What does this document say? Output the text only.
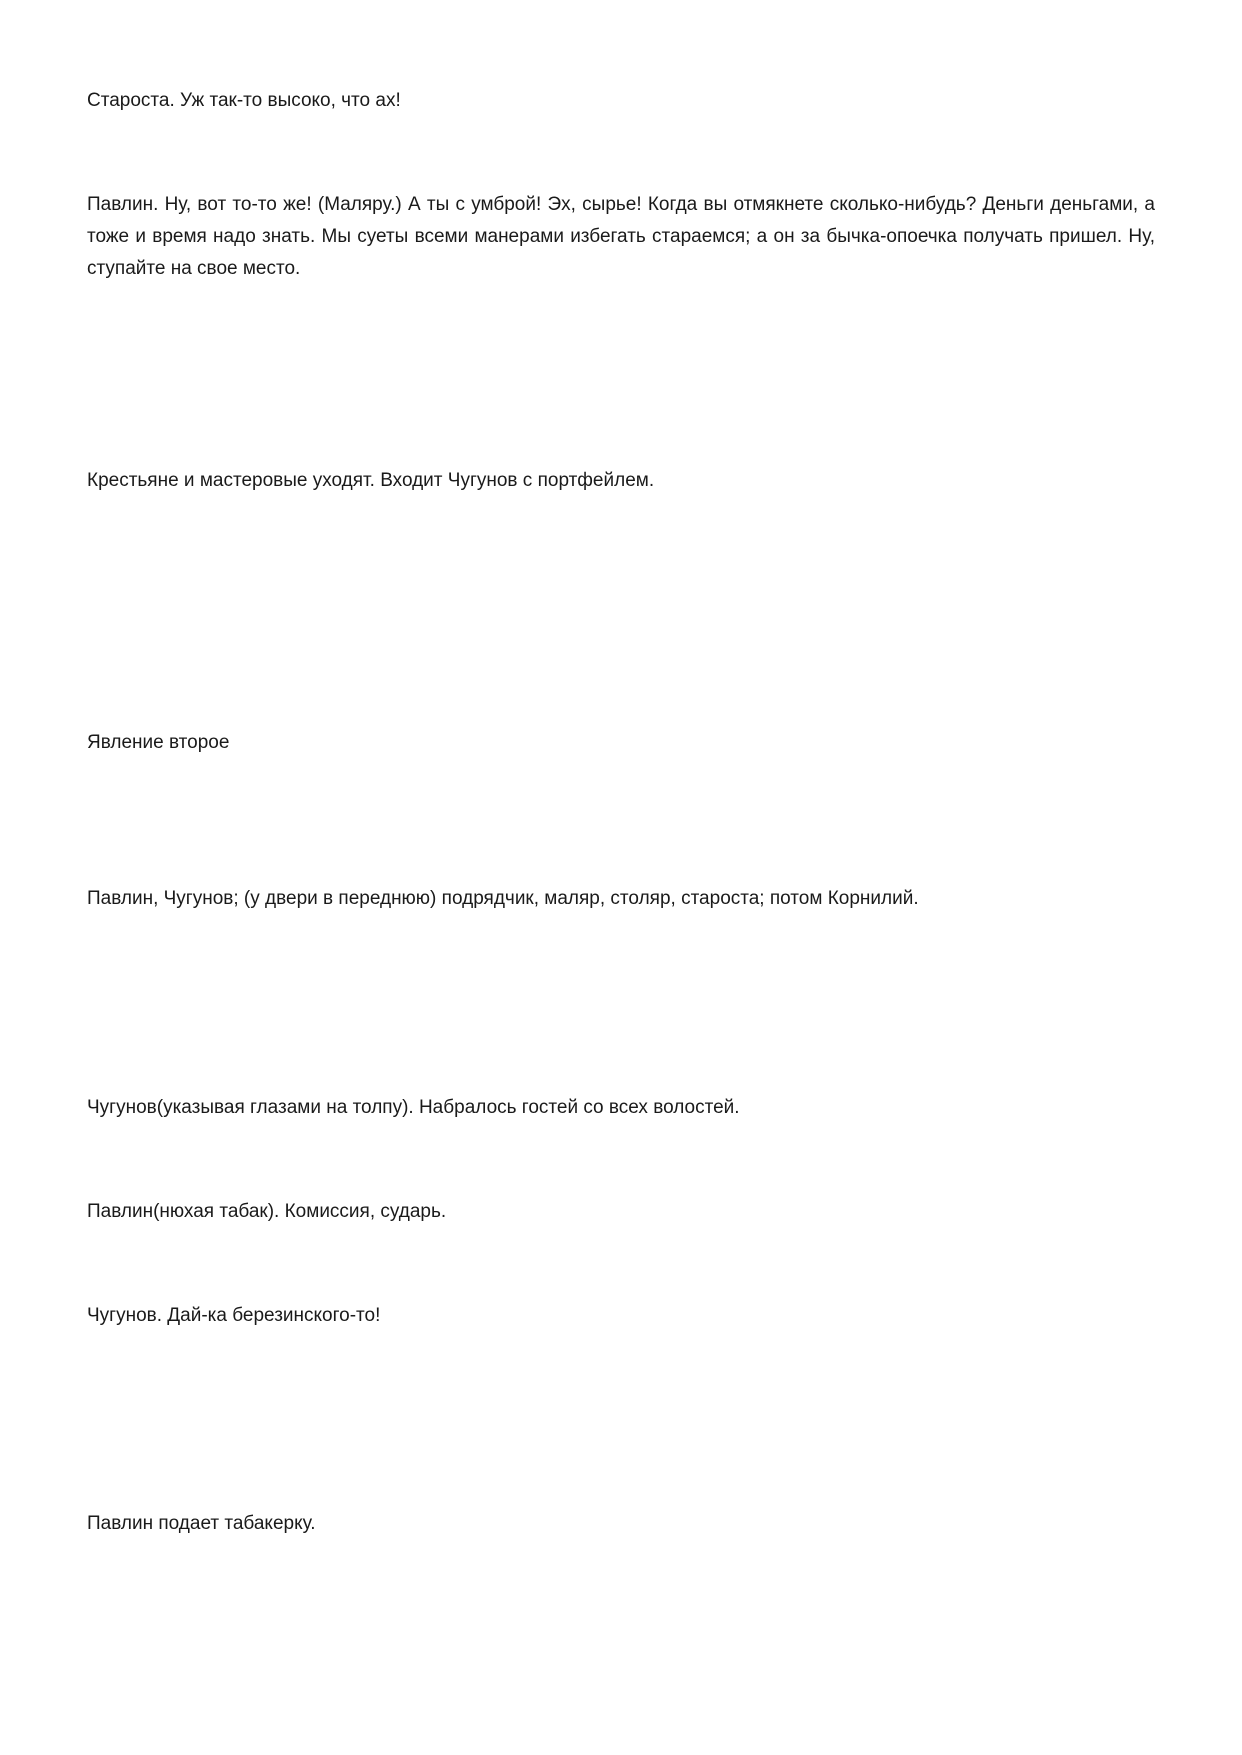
Староста. Уж так-то высоко, что ах!

Павлин. Ну, вот то-то же! (Маляру.) А ты с умброй! Эх, сырье! Когда вы отмякнете сколько-нибудь? Деньги деньгами, а тоже и время надо знать. Мы суеты всеми манерами избегать стараемся; а он за бычка-опоечка получать пришел. Ну, ступайте на свое место.

Крестьяне и мастеровые уходят. Входит Чугунов с портфейлем.

Явление второе

Павлин, Чугунов; (у двери в переднюю) подрядчик, маляр, столяр, староста; потом Корнилий.

Чугунов(указывая глазами на толпу). Набралось гостей со всех волостей.

Павлин(нюхая табак). Комиссия, сударь.

Чугунов. Дай-ка березинского-то!

Павлин подает табакерку.
